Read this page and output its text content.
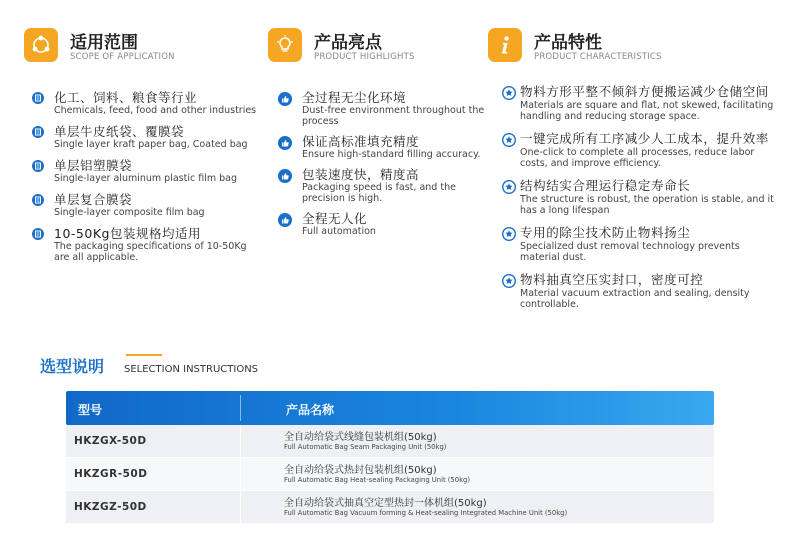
适用范围
SCOPE OF APPLICATION
化工、饲料、粮食等行业
Chemicals, feed, food and other industries
单层牛皮纸袋、覆膜袋
Single layer kraft paper bag, Coated bag
单层铝塑膜袋
Single-layer aluminum plastic film bag
单层复合膜袋
Single-layer composite film bag
10-50Kg包装规格均适用
The packaging specifications of 10-50Kg are all applicable.
产品亮点
PRODUCT HIGHLIGHTS
全过程无尘化环境
Dust-free environment throughout the process
保证高标准填充精度
Ensure high-standard filling accuracy.
包装速度快，精度高
Packaging speed is fast, and the precision is high.
全程无人化
Full automation
产品特性
PRODUCT CHARACTERISTICS
物料方形平整不倾斜方便搬运减少仓储空间
Materials are square and flat, not skewed, facilitating handling and reducing storage space.
一键完成所有工序减少人工成本，提升效率
One-click to complete all processes, reduce labor costs, and improve efficiency.
结构结实合理运行稳定寿命长
The structure is robust, the operation is stable, and it has a long lifespan
专用的除尘技术防止物料扬尘
Specialized dust removal technology prevents material dust.
物料抽真空压实封口，密度可控
Material vacuum extraction and sealing, density controllable.
选型说明 SELECTION INSTRUCTIONS
型号	产品名称
HKZGX-50D	全自动给袋式线缝包装机组(50kg)
Full Automatic Bag Seam Packaging Unit (50kg)
HKZGR-50D	全自动给袋式热封包装机组(50kg)
Full Automatic Bag Heat-sealing Packaging Unit (50kg)
HKZGZ-50D	全自动给袋式抽真空定型热封一体机组(50kg)
Full Automatic Bag Vacuum forming & Heat-sealing Integrated Machine Unit (50kg)
